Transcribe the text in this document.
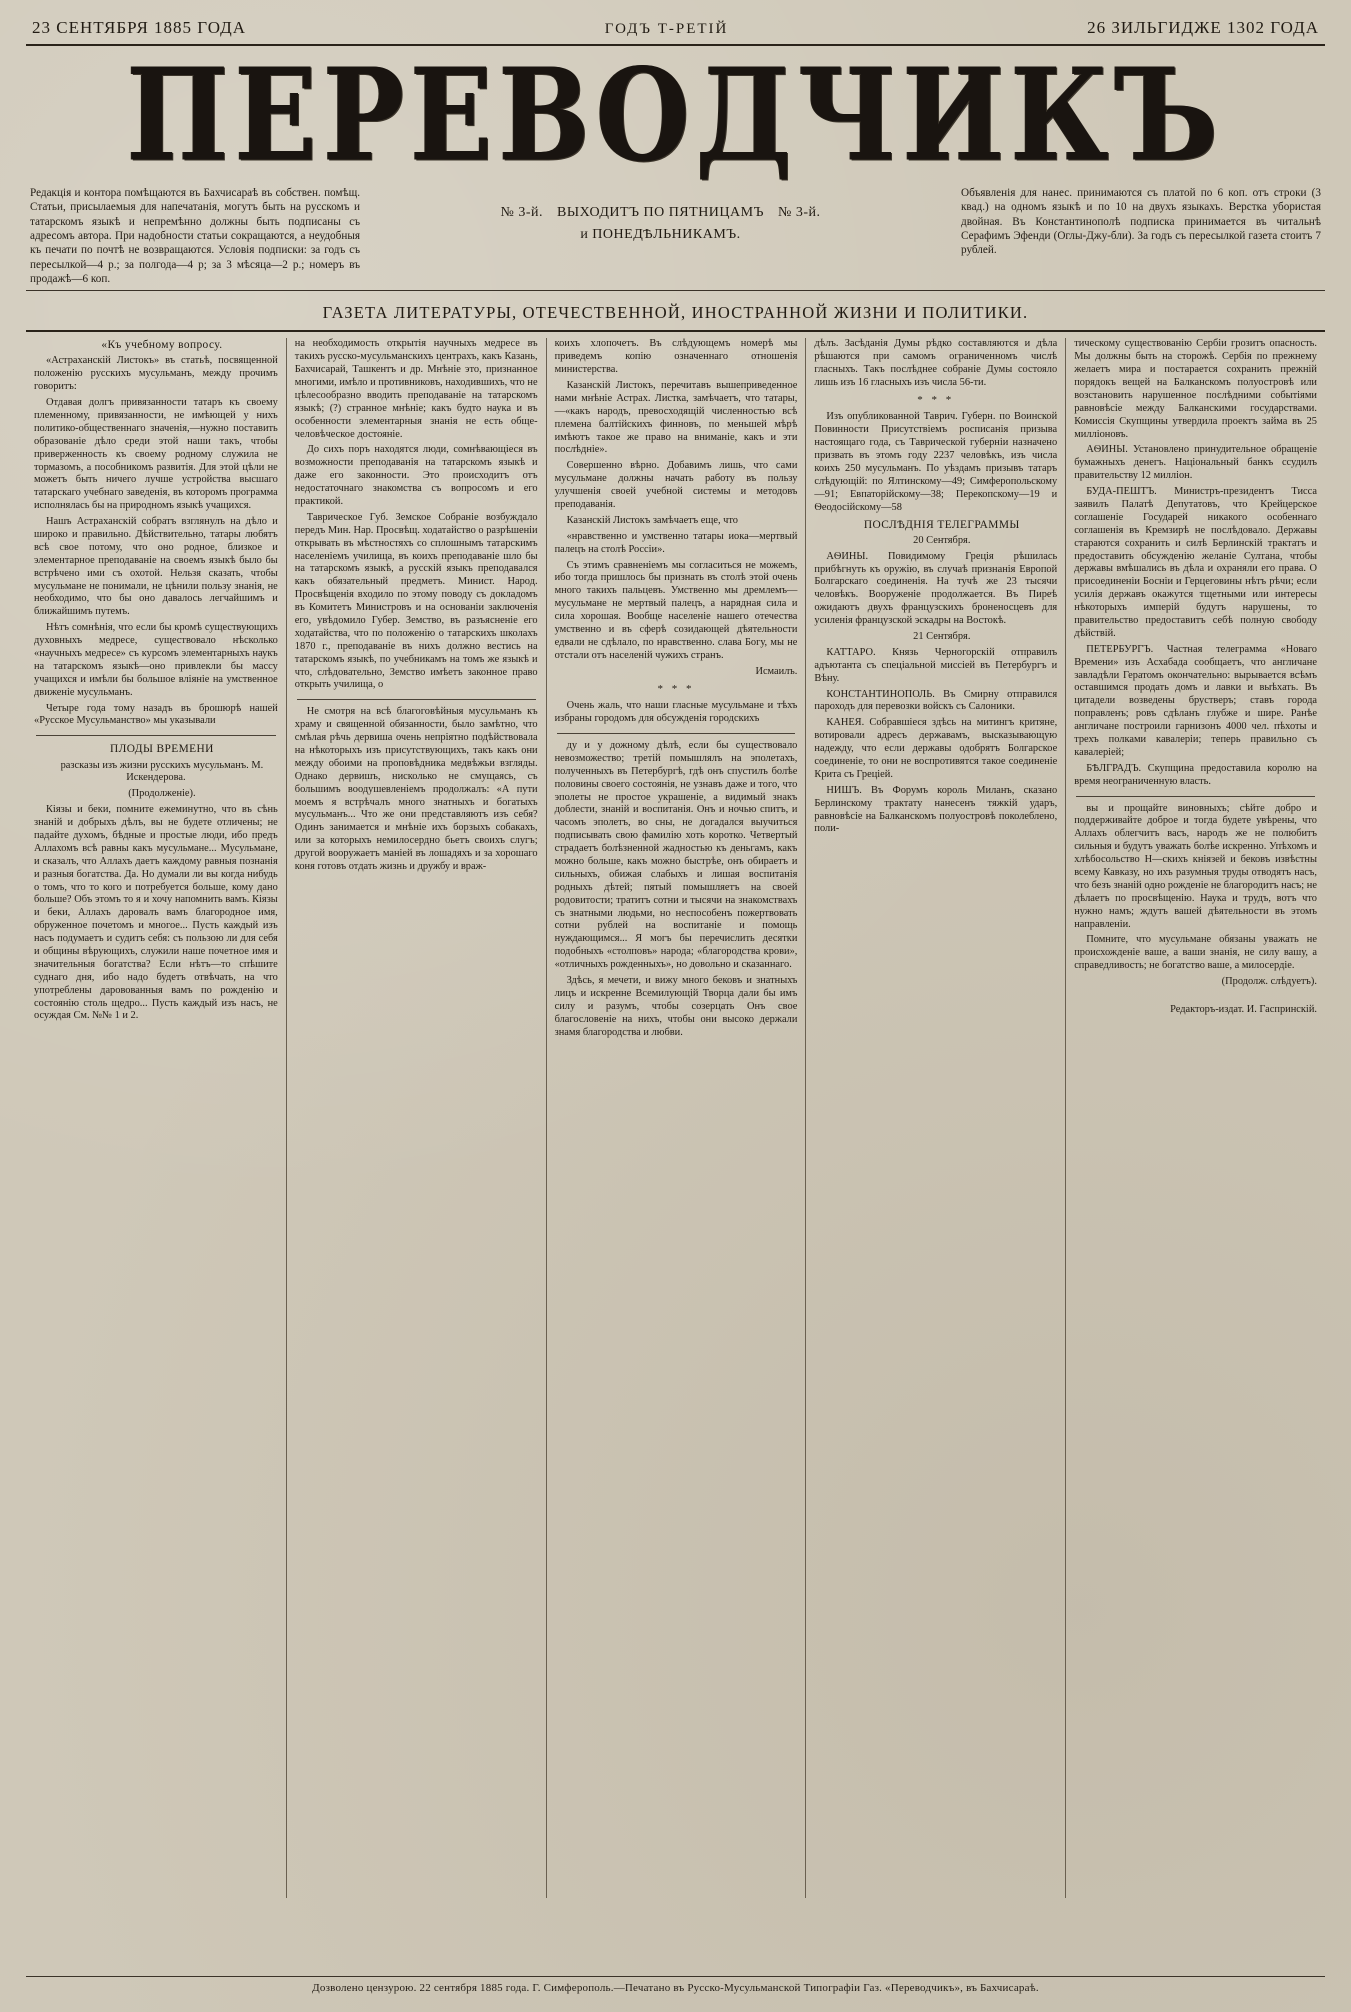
23 СЕНТЯБРЯ 1885 ГОДА	ГОДЪ Т-РЕТІЙ	26 ЗИЛЬГИДЖЕ 1302 ГОДА
ПЕРЕВОДЧИКЪ
Редакція и контора помѣщаются въ Бахчисараѣ въ собствен. помѣщ. Статьи, присылаемыя для напечатанія, могутъ быть на русскомъ и татарскомъ языкѣ и непремѣнно должны быть подписаны съ адресомъ автора. При надобности статьи сокращаются, а неудобныя къ печати по почтѣ не возвращаются. Условія подписки: за годъ съ пересылкой—4 р.; за полгода—4 р; за 3 мѣсяца—2 р.; номеръ въ продажѣ—6 коп.
№ 3-й.	ВЫХОДИТЪ ПО ПЯТНИЦАМЪ	№ 3-й.
и ПОНЕДѢЛЬНИКАМЪ.
Объявленія для нанес. принимаются съ платой по 6 коп. отъ строки (3 квад.) на одномъ языкѣ и по 10 на двухъ языкахъ. Верстка убористая двойная. Въ Константинополѣ подписка принимается въ читальнѣ Серафимъ Эфенди (Оглы-Джу-бли). За годъ съ пересылкой газета стоитъ 7 рублей.
ГАЗЕТА ЛИТЕРАТУРЫ, ОТЕЧЕСТВЕННОЙ, ИНОСТРАННОЙ ЖИЗНИ И ПОЛИТИКИ.

«Къ учебному вопросу.

«Астраханскій Листокъ» въ статьѣ, посвященной положенію русскихъ мусульманъ, между прочимъ говоритъ:

Отдавая долгъ привязанности татаръ къ своему племенному, привязанности, не имѣющей у нихъ политико-общественнаго значенія,—нужно поставить образованіе дѣло среди этой наши такъ, чтобы приверженность къ своему родному служила не тормазомъ, а пособникомъ развитія. Для этой цѣли не можетъ быть ничего лучше устройства высшаго татарскаго учебнаго заведенія, въ которомъ программа исполнялась бы на природномъ языкѣ учащихся.

Нашъ Астраханскій собратъ взглянулъ на дѣло и широко и правильно. Дѣйствительно, татары любятъ всѣ свое потому, что оно родное, близкое и элементарное преподаваніе на своемъ языкѣ было бы встрѣчено ими съ охотой. Нельзя сказать, чтобы мусульмане не понимали, не цѣнили пользу знанія, не необходимо, что бы оно давалось легчайшимъ и ближайшимъ путемъ.

Нѣтъ сомнѣнія, что если бы кромѣ существующихъ духовныхъ медресе, существовало нѣсколько «научныхъ медресе» съ курсомъ элементарныхъ наукъ на татарскомъ языкѣ—оно привлекли бы массу учащихся и имѣли бы большое вліяніе на умственное движеніе мусульманъ.

Четыре года тому назадъ въ брошюрѣ нашей «Русское Мусульманство» мы указывали

ПЛОДЫ ВРЕМЕНИ

разсказы изъ жизни русскихъ мусульманъ. М. Искендерова.

(Продолженіе).

Кіязы и беки, помните ежеминутно, что въ сѣнь знаній и добрыхъ дѣлъ, вы не будете отличены; не падайте духомъ, бѣдные и простые люди, ибо предъ Аллахомъ всѣ равны какъ мусульмане... Мусульмане, и сказалъ, что Аллахъ даетъ каждому равныя познанія и разныя богатства. Да. Но думали ли вы когда нибудь о томъ, что то кого и потребуется больше, кому дано больше? Объ этомъ то я и хочу напомнить вамъ. Кіязы и беки, Аллахъ даровалъ вамъ благородное имя, обруженное почетомъ и многое... Пусть каждый изъ насъ подумаетъ и судитъ себя: съ пользою ли для себя и общины вѣрующихъ, служили наше почетное имя и значительныя богатства? Если нѣтъ—то спѣшите суднаго дня, ибо надо будетъ отвѣчать, на что употреблены даровованныя вамъ по рожденію и состоянію столь щедро... Пусть каждый изъ насъ, не осуждая См. №№ 1 и 2.

на необходимость открытія научныхъ медресе въ такихъ русско-мусульманскихъ центрахъ, какъ Казань, Бахчисарай, Ташкентъ и др. Мнѣніе это, признанное многими, имѣло и противниковъ, находившихъ, что не цѣлесообразно вводить преподаваніе на татарскомъ языкѣ; (?) странное мнѣніе; какъ будто наука и въ особенности элементарныя знанія не есть обще-человѣческое достояніе.

До сихъ поръ находятся люди, сомнѣвающіеся въ возможности преподаванія на татарскомъ языкѣ и даже его законности. Это происходитъ отъ недостаточнаго знакомства съ вопросомъ и его практикой.

Таврическое Губ. Земское Собраніе возбуждало передъ Мин. Нар. Просвѣщ. ходатайство о разрѣшеніи открывать въ мѣстностяхъ со сплошнымъ татарскимъ населеніемъ училища, въ коихъ преподаваніе шло бы на татарскомъ языкѣ, а русскій языкъ преподавался какъ обязательный предметъ. Минист. Народ. Просвѣщенія входило по этому поводу съ докладомъ въ Комитетъ Министровъ и на основаніи заключенія его, увѣдомило Губер. Земство, въ разъясненіе его ходатайства, что по положенію о татарскихъ школахъ 1870 г., преподаваніе въ нихъ должно вестись на татарскомъ языкѣ, по учебникамъ на томъ же языкѣ и что, слѣдовательно, Земство имѣетъ законное право открыть училища, о

Не смотря на всѣ благоговѣйныя мусульманъ къ храму и священной обязанности, было замѣтно, что смѣлая рѣчь дервиша очень непріятно подѣйствовала на нѣкоторыхъ изъ присутствующихъ, такъ какъ они между обоими на проповѣдника медвѣжьи взгляды. Однако дервишъ, нисколько не смущаясь, съ большимъ воодушевленіемъ продолжалъ: «А пути моемъ я встрѣчалъ много знатныхъ и богатыхъ мусульманъ... Что же они представляютъ изъ себя? Одинъ занимается и мнѣніе ихъ борзыхъ собакахъ, или за которыхъ немилосердно бьетъ своихъ слугъ; другой вооружаетъ маніей въ лошадяхъ и за хорошаго коня готовъ отдать жизнь и дружбу и враж-

коихъ хлопочетъ. Въ слѣдующемъ номерѣ мы приведемъ копію означеннаго отношенія министерства.

Казанскій Листокъ, перечитавъ вышеприведенное нами мнѣніе Астрах. Листка, замѣчаетъ, что татары,—«какъ народъ, превосходящій численностью всѣ племена балтійскихъ финновъ, по меньшей мѣрѣ имѣютъ такое же право на вниманіе, какъ и эти послѣдніе».

Совершенно вѣрно. Добавимъ лишь, что сами мусульмане должны начать работу въ пользу улучшенія своей учебной системы и методовъ преподаванія.

Казанскій Листокъ замѣчаетъ еще, что

«нравственно и умственно татары иока—мертвый палецъ на столѣ Россіи».

Съ этимъ сравненіемъ мы согласиться не можемъ, ибо тогда пришлось бы признать въ столѣ этой очень много такихъ пальцевъ. Умственно мы дремлемъ—мусульмане не мертвый палецъ, а нарядная сила и сила хорошая. Вообще населеніе нашего отечества умственно и въ сферѣ созидающей дѣятельности едвали не сдѣлало, по нравственно. слава Богу, мы не отстали отъ населеній чужихъ странъ.

Исмаилъ.

* * *

Очень жаль, что наши гласные мусульмане и тѣхъ избраны городомъ для обсужденія городскихъ

ду и у дожному дѣлѣ, если бы существовало невозможество; третій помышлялъ на эполетахъ, полученныхъ въ Петербургѣ, гдѣ онъ спустилъ болѣе половины своего состоянія, не узнавъ даже и того, что эполеты не простое украшеніе, а видимый знакъ доблести, знаній и воспитанія. Онъ и ночью спитъ, и часомъ эполетъ, во сны, не догадался выучиться подписывать свою фамилію хоть коротко. Четвертый страдаетъ болѣзненной жадностью къ деньгамъ, какъ можно больше, какъ можно быстрѣе, онъ обираетъ и сильныхъ, обижая слабыхъ и лишая воспитанія родныхъ дѣтей; пятый помышляетъ на своей родовитости; тратитъ сотни и тысячи на знакомствахъ съ знатными людьми, но неспособенъ пожертвовать сотни рублей на воспитаніе и помощь нуждающимся... Я могъ бы перечислить десятки подобныхъ «столповъ» народа; «благородства крови», «отличныхъ рожденныхъ», но довольно и сказаннаго.

Здѣсь, я мечети, и вижу много бековъ и знатныхъ лицъ и искренне Всемилующій Творца дали бы имъ силу и разумъ, чтобы созерцать Онъ свое благословеніе на нихъ, чтобы они высоко держали знамя благородства и любви.

дѣлъ. Засѣданія Думы рѣдко составляются и дѣла рѣшаются при самомъ ограниченномъ числѣ гласныхъ. Такъ послѣднее собраніе Думы состояло лишь изъ 16 гласныхъ изъ числа 56-ти.

* * *

Изъ опубликованной Таврич. Губерн. по Воинской Повинности Присутствіемъ росписанія призыва настоящаго года, съ Таврической губерніи назначено призвать въ этомъ году 2237 человѣкъ, изъ числа коихъ 250 мусульманъ. По уѣздамъ призывъ татаръ слѣдующій: по Ялтинскому—49; Симферопольскому—91; Евпаторійскому—38; Перекопскому—19 и Ѳеодосійскому—58

ПОСЛѢДНІЯ ТЕЛЕГРАММЫ

20 Сентября.

АѲИНЫ. Повидимому Греція рѣшилась прибѣгнуть къ оружію, въ случаѣ признанія Европой Болгарскаго соединенія. На тучѣ же 23 тысячи человѣкъ. Вооруженіе продолжается. Въ Пиреѣ ожидаютъ двухъ французскихъ броненосцевъ для усиленія французской эскадры на Востокѣ.

21 Сентября.

КАТТАРО. Князь Черногорскій отправилъ адъютанта съ спеціальной миссіей въ Петербургъ и Вѣну.

КОНСТАНТИНОПОЛЬ. Въ Смирну отправился пароходъ для перевозки войскъ съ Салоники.

КАНЕЯ. Собравшіеся здѣсь на митингъ критяне, вотировали адресъ державамъ, высказывающую надежду, что если державы одобрятъ Болгарское соединеніе, то они не воспротивятся такое соединеніе Крита съ Греціей.

НИШЪ. Въ Форумъ король Миланъ, сказано Берлинскому трактату нанесенъ тяжкій ударъ, равновѣсіе на Балканскомъ полуостровѣ поколеблено, поли-

тическому существованію Сербіи грозитъ опасность. Мы должны быть на сторожѣ. Сербія по прежнему желаетъ мира и постарается сохранить прежній порядокъ вещей на Балканскомъ полуостровѣ или возстановить нарушенное послѣдними событіями равновѣсіе между Балканскими государствами. Комиссія Скупщины утвердила проектъ займа въ 25 милліоновъ.

АѲИНЫ. Установлено принудительное обращеніе бумажныхъ денегъ. Національный банкъ ссудилъ правительству 12 милліон.

БУДА-ПЕШТЪ. Министръ-президентъ Тисса заявилъ Палатѣ Депутатовъ, что Крейцерское соглашеніе Государей никакого особеннаго соглашенія въ Кремзирѣ не послѣдовало. Державы стараются сохранить и силѣ Берлинскій трактатъ и предоставить обсужденію желаніе Султана, чтобы державы вмѣшались въ дѣла и охраняли его права. О присоединеніи Босніи и Герцеговины нѣтъ рѣчи; если усилія державъ окажутся тщетными или интересы нѣкоторыхъ имперій будутъ нарушены, то правительство предоставитъ себѣ полную свободу дѣйствій.

ПЕТЕРБУРГЪ. Частная телеграмма «Новаго Времени» изъ Асхабада сообщаетъ, что англичане завладѣли Гератомъ окончательно: вырывается всѣмъ оставшимся продать домъ и лавки и выѣхать. Въ цитадели возведены брустверъ; ставъ города поправленъ; ровъ сдѣланъ глубже и шире. Ранѣе англичане построили гарнизонъ 4000 чел. пѣхоты и трехъ полками кавалеріи; теперь правильно съ кавалеріей;

БѢЛГРАДЪ. Скупщина предоставила королю на время неограниченную власть.

вы и прощайте виновныхъ; сѣйте добро и поддерживайте доброе и тогда будете увѣрены, что Аллахъ облегчитъ васъ, народъ же не полюбитъ сильныя и будутъ уважать болѣе искренно. Упѣхомъ и хлѣбосольство Н—скихъ кніязей и бековъ извѣстны всему Кавказу, но ихъ разумныя труды отводятъ насъ, что безъ знаній одно рожденіе не благородитъ насъ; не дѣлаетъ по просвѣщенію. Наука и трудъ, вотъ что нужно намъ; ждутъ вашей дѣятельности въ этомъ направленіи.

Помните, что мусульмане обязаны уважать не происхожденіе ваше, а ваши знанія, не силу вашу, а справедливость; не богатство ваше, а милосердіе.

(Продолж. слѣдуетъ).

Редакторъ-издат. И. Гаспринскій.

Дозволено цензурою. 22 сентября 1885 года. Г. Симферополь.—Печатано въ Русско-Мусульманской Типографіи Газ. «Переводчикъ», въ Бахчисараѣ.
